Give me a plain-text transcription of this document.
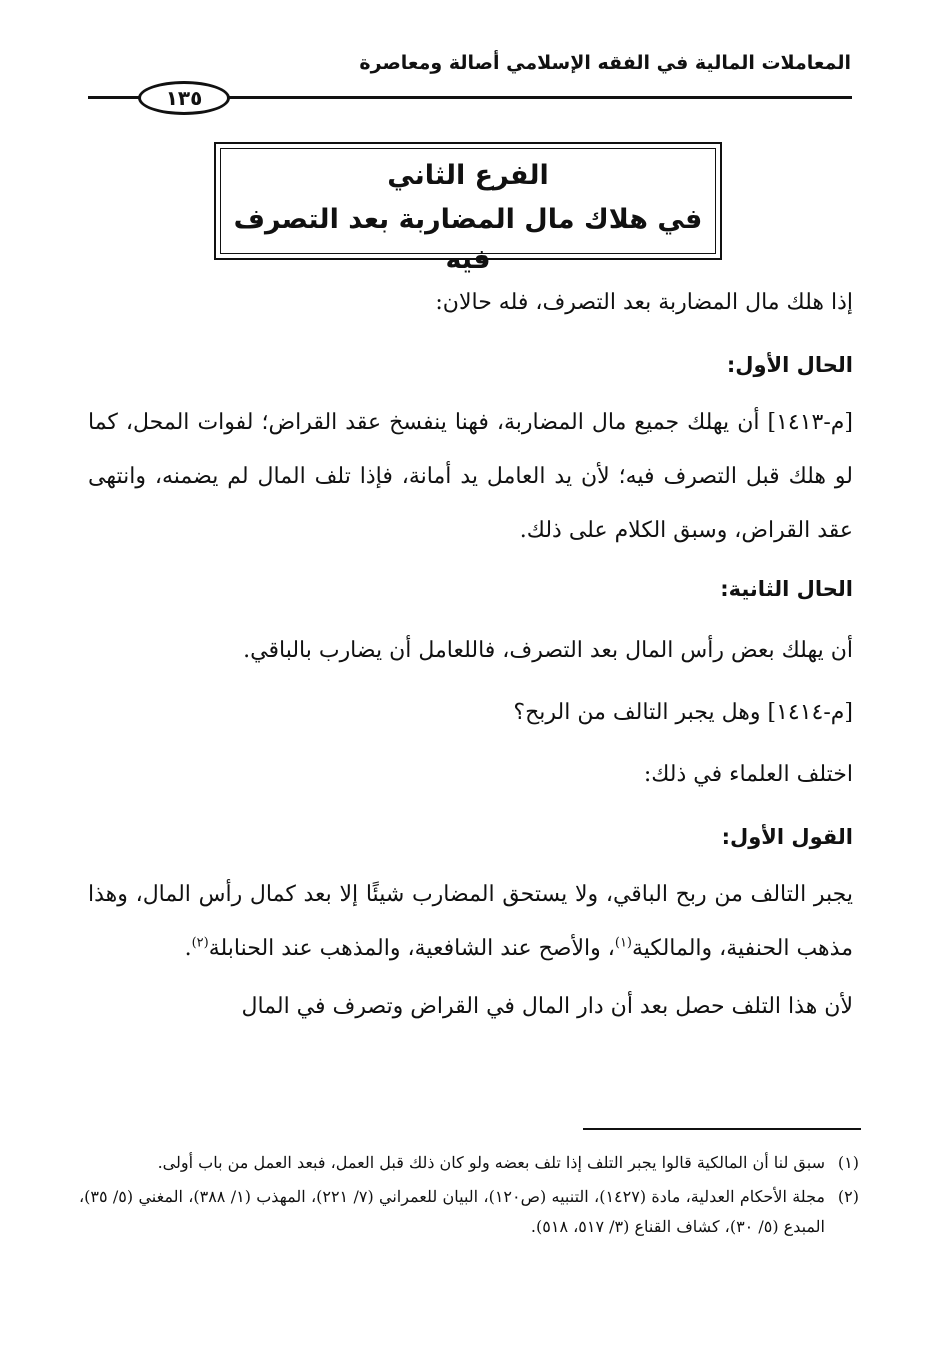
المعاملات المالية في الفقه الإسلامي أصالة ومعاصرة
١٣٥
الفرع الثاني
في هلاك مال المضاربة بعد التصرف فيه

إذا هلك مال المضاربة بعد التصرف، فله حالان:

الحال الأول:

[م-١٤١٣] أن يهلك جميع مال المضاربة، فهنا ينفسخ عقد القراض؛ لفوات المحل، كما لو هلك قبل التصرف فيه؛ لأن يد العامل يد أمانة، فإذا تلف المال لم يضمنه، وانتهى عقد القراض، وسبق الكلام على ذلك.

الحال الثانية:

أن يهلك بعض رأس المال بعد التصرف، فاللعامل أن يضارب بالباقي.

[م-١٤١٤] وهل يجبر التالف من الربح؟

اختلف العلماء في ذلك:

القول الأول:

يجبر التالف من ربح الباقي، ولا يستحق المضارب شيئًا إلا بعد كمال رأس المال، وهذا مذهب الحنفية، والمالكية$^{(١)}$، والأصح عند الشافعية، والمذهب عند الحنابلة$^{(٢)}$.

لأن هذا التلف حصل بعد أن دار المال في القراض وتصرف في المال

(١)
سبق لنا أن المالكية قالوا يجبر التلف إذا تلف بعضه ولو كان ذلك قبل العمل، فبعد العمل من باب أولى.
(٢)
مجلة الأحكام العدلية، مادة (١٤٢٧)، التنبيه (ص١٢٠)، البيان للعمراني (٧/ ٢٢١)، المهذب (١/ ٣٨٨)، المغني (٥/ ٣٥)، المبدع (٥/ ٣٠)، كشاف القناع (٣/ ٥١٧، ٥١٨).
